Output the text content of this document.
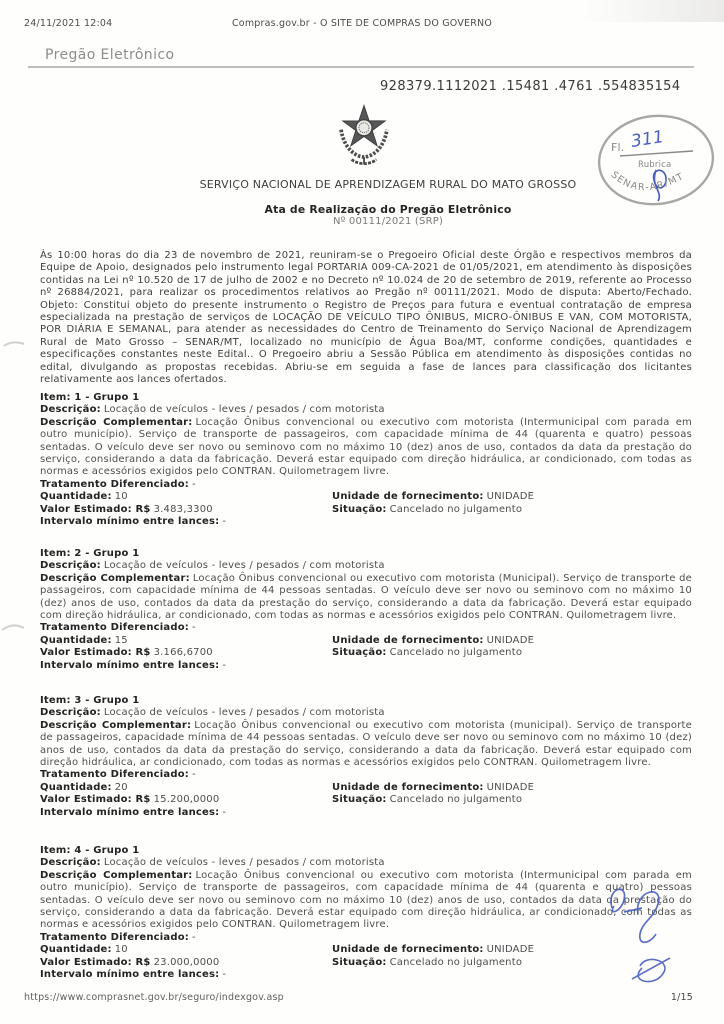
24/11/2021 12:04	Compras.gov.br - O SITE DE COMPRAS DO GOVERNO
Pregão Eletrônico
928379.1112021 .15481 .4761 .554835154
Fl. 311
Rubrica
SENAR-AR/MT
SERVIÇO NACIONAL DE APRENDIZAGEM RURAL DO MATO GROSSO
Ata de Realização do Pregão Eletrônico
Nº 00111/2021 (SRP)

Às 10:00 horas do dia 23 de novembro de 2021, reuniram-se o Pregoeiro Oficial deste Órgão e respectivos membros da Equipe de Apoio, designados pelo instrumento legal PORTARIA 009-CA-2021 de 01/05/2021, em atendimento às disposições contidas na Lei nº 10.520 de 17 de julho de 2002 e no Decreto nº 10.024 de 20 de setembro de 2019, referente ao Processo nº 26884/2021, para realizar os procedimentos relativos ao Pregão nº 00111/2021. Modo de disputa: Aberto/Fechado. Objeto: Constitui objeto do presente instrumento o Registro de Preços para futura e eventual contratação de empresa especializada na prestação de serviços de LOCAÇÃO DE VEÍCULO TIPO ÔNIBUS, MICRO-ÔNIBUS E VAN, COM MOTORISTA, POR DIÁRIA E SEMANAL, para atender as necessidades do Centro de Treinamento do Serviço Nacional de Aprendizagem Rural de Mato Grosso – SENAR/MT, localizado no município de Água Boa/MT, conforme condições, quantidades e especificações constantes neste Edital.. O Pregoeiro abriu a Sessão Pública em atendimento às disposições contidas no edital, divulgando as propostas recebidas. Abriu-se em seguida a fase de lances para classificação dos licitantes relativamente aos lances ofertados.

Item: 1 - Grupo 1
Descrição: Locação de veículos - leves / pesados / com motorista
Descrição Complementar: Locação Ônibus convencional ou executivo com motorista (Intermunicipal com parada em outro município). Serviço de transporte de passageiros, com capacidade mínima de 44 (quarenta e quatro) pessoas sentadas. O veículo deve ser novo ou seminovo com no máximo 10 (dez) anos de uso, contados da data da prestação do serviço, considerando a data da fabricação. Deverá estar equipado com direção hidráulica, ar condicionado, com todas as normas e acessórios exigidos pelo CONTRAN. Quilometragem livre.
Tratamento Diferenciado: -
Quantidade: 10	Unidade de fornecimento: UNIDADE
Valor Estimado: R$ 3.483,3300	Situação: Cancelado no julgamento
Intervalo mínimo entre lances: -
Item: 2 - Grupo 1
Descrição: Locação de veículos - leves / pesados / com motorista
Descrição Complementar: Locação Ônibus convencional ou executivo com motorista (Municipal). Serviço de transporte de passageiros, com capacidade mínima de 44 pessoas sentadas. O veículo deve ser novo ou seminovo com no máximo 10 (dez) anos de uso, contados da data da prestação do serviço, considerando a data da fabricação. Deverá estar equipado com direção hidráulica, ar condicionado, com todas as normas e acessórios exigidos pelo CONTRAN. Quilometragem livre.
Tratamento Diferenciado: -
Quantidade: 15	Unidade de fornecimento: UNIDADE
Valor Estimado: R$ 3.166,6700	Situação: Cancelado no julgamento
Intervalo mínimo entre lances: -
Item: 3 - Grupo 1
Descrição: Locação de veículos - leves / pesados / com motorista
Descrição Complementar: Locação Ônibus convencional ou executivo com motorista (municipal). Serviço de transporte de passageiros, capacidade mínima de 44 pessoas sentadas. O veículo deve ser novo ou seminovo com no máximo 10 (dez) anos de uso, contados da data da prestação do serviço, considerando a data da fabricação. Deverá estar equipado com direção hidráulica, ar condicionado, com todas as normas e acessórios exigidos pelo CONTRAN. Quilometragem livre.
Tratamento Diferenciado: -
Quantidade: 20	Unidade de fornecimento: UNIDADE
Valor Estimado: R$ 15.200,0000	Situação: Cancelado no julgamento
Intervalo mínimo entre lances: -
Item: 4 - Grupo 1
Descrição: Locação de veículos - leves / pesados / com motorista
Descrição Complementar: Locação Ônibus convencional ou executivo com motorista (Intermunicipal com parada em outro município). Serviço de transporte de passageiros, com capacidade mínima de 44 (quarenta e quatro) pessoas sentadas. O veículo deve ser novo ou seminovo com no máximo 10 (dez) anos de uso, contados da data da prestação do serviço, considerando a data da fabricação. Deverá estar equipado com direção hidráulica, ar condicionado, com todas as normas e acessórios exigidos pelo CONTRAN. Quilometragem livre.
Tratamento Diferenciado: -
Quantidade: 10	Unidade de fornecimento: UNIDADE
Valor Estimado: R$ 23.000,0000	Situação: Cancelado no julgamento
Intervalo mínimo entre lances: -
https://www.comprasnet.gov.br/seguro/indexgov.asp	1/15
